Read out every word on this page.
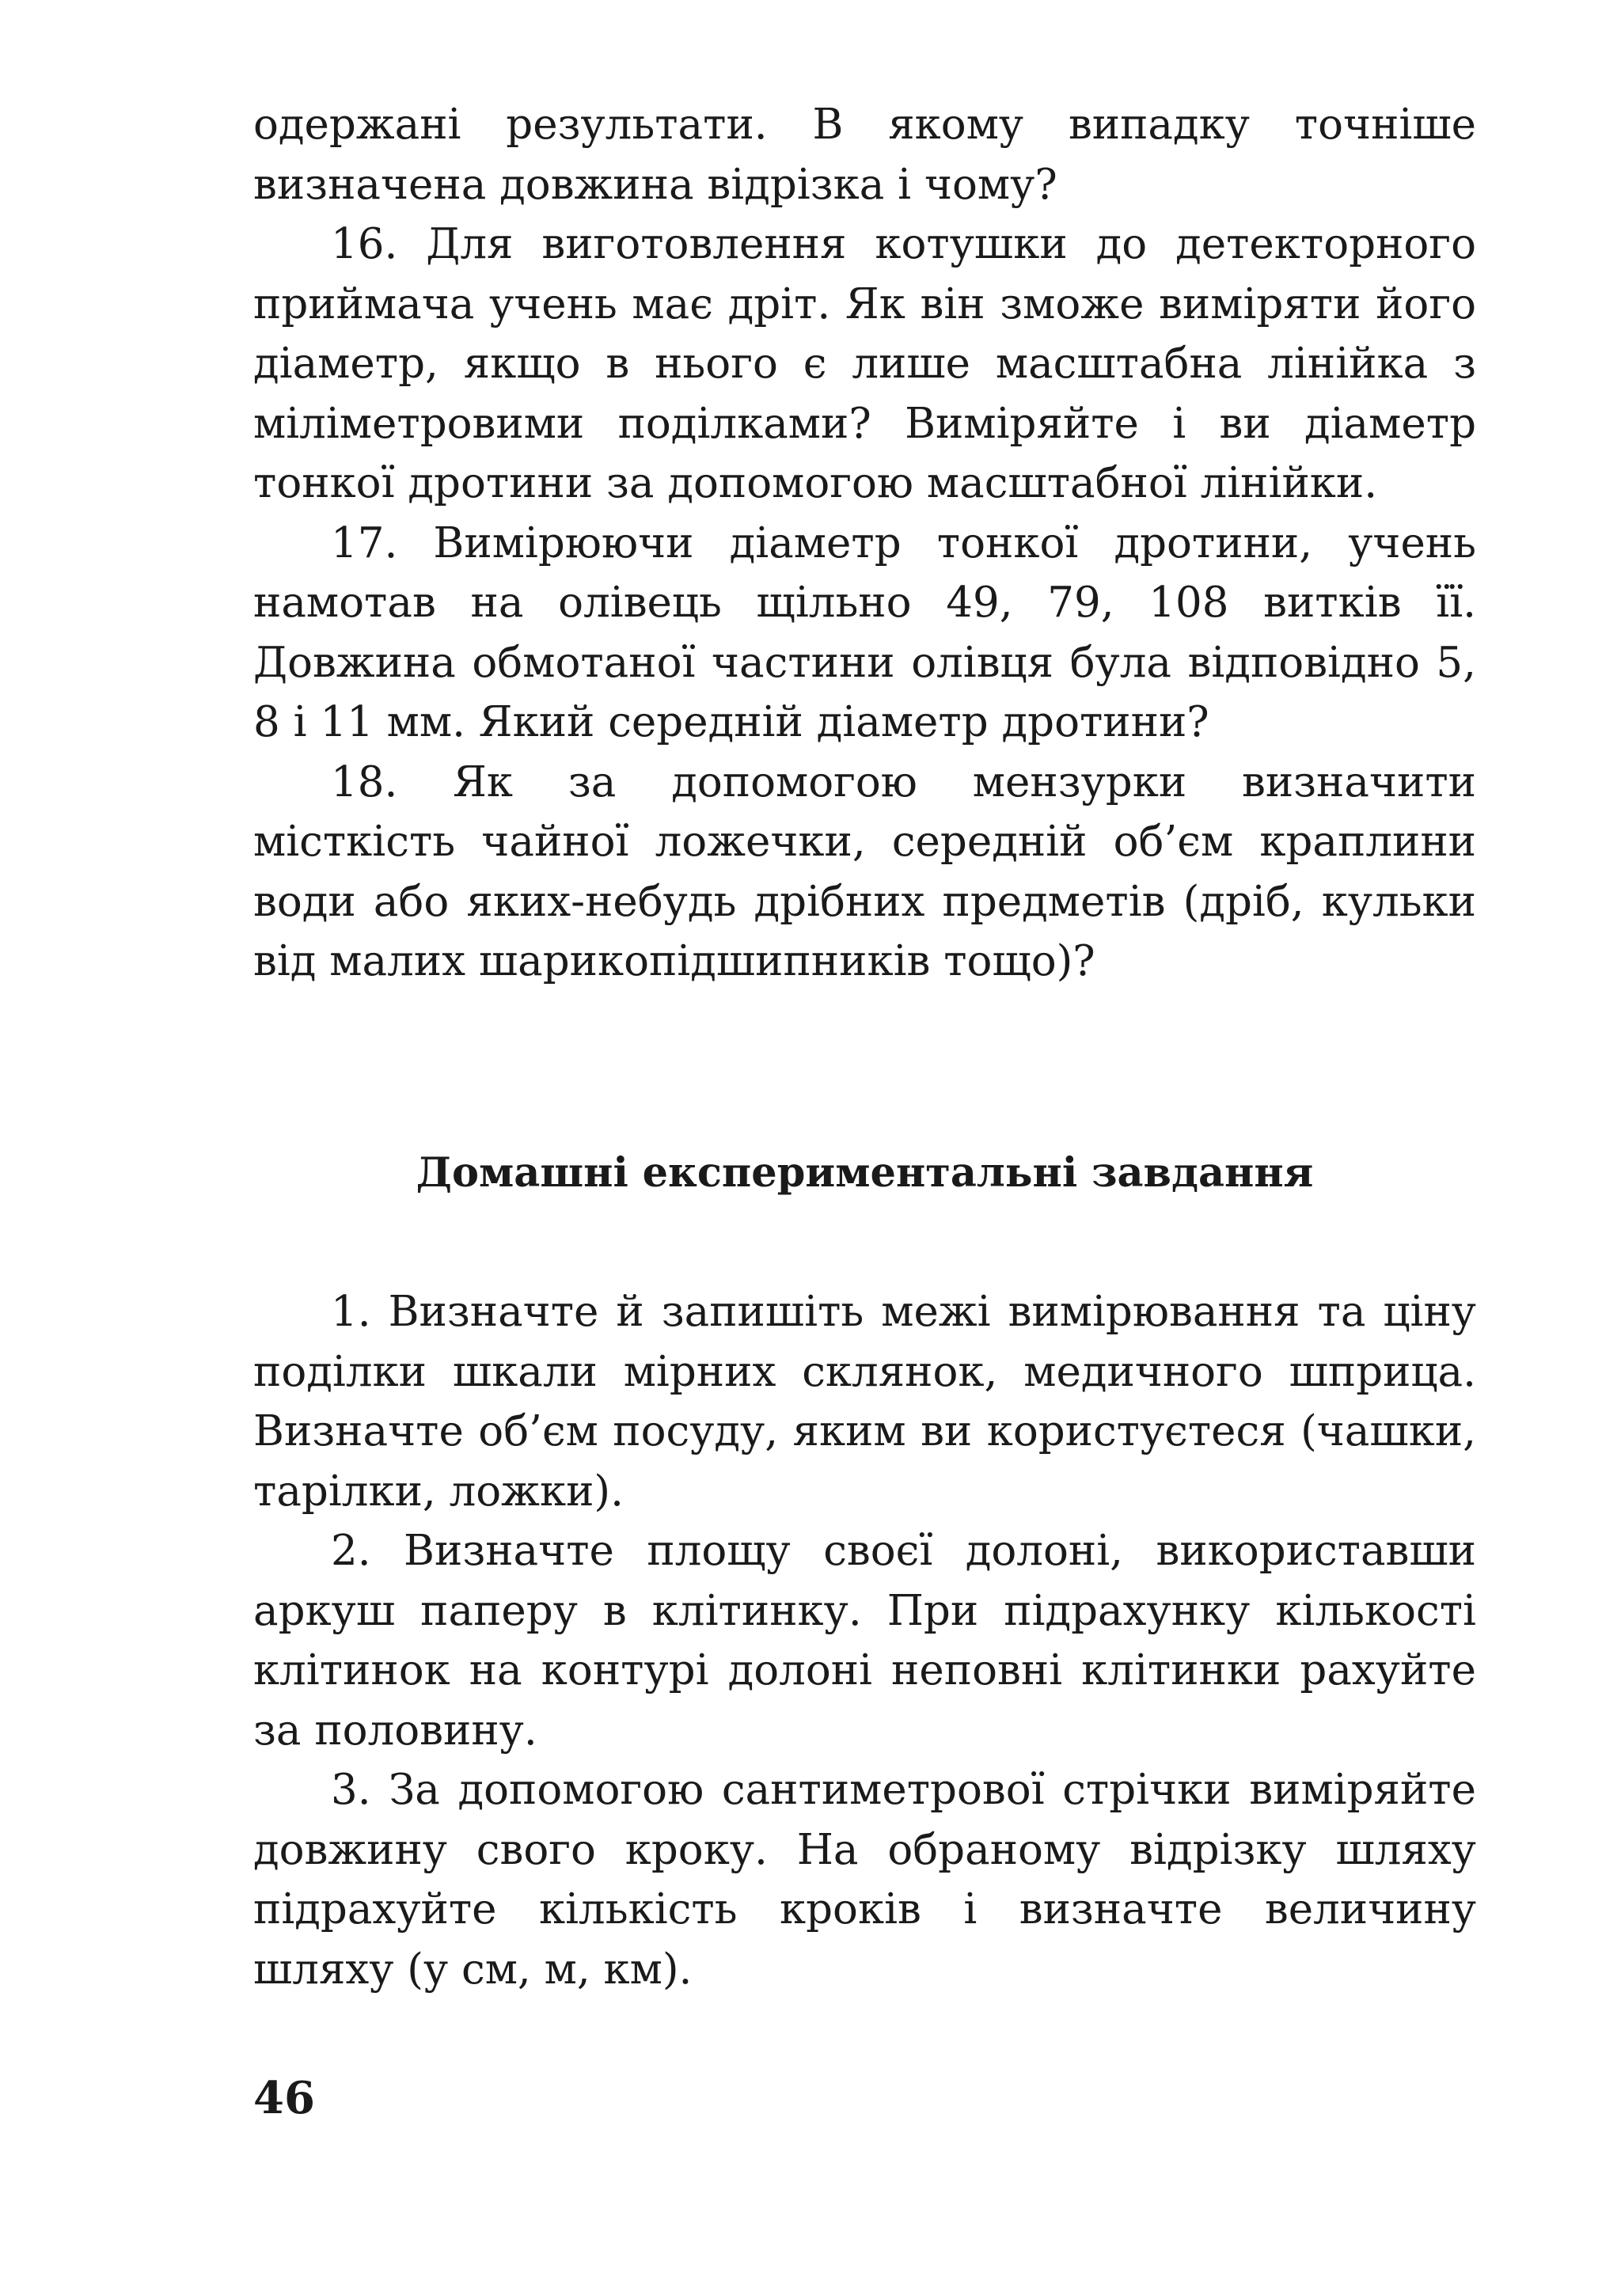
одержані результати. В якому випадку точніше визначена довжина відрізка і чому?

16. Для виготовлення котушки до детекторного приймача учень має дріт. Як він зможе виміряти його діаметр, якщо в нього є лише масштабна лінійка з міліметровими поділками? Виміряйте і ви діаметр тонкої дротини за допомогою масштабної лінійки.

17. Вимірюючи діаметр тонкої дротини, учень намотав на олівець щільно 49, 79, 108 витків її. Довжина обмотаної частини олівця була відповідно 5, 8 і 11 мм. Який середній діаметр дротини?

18. Як за допомогою мензурки визначити місткість чайної ложечки, середній об’єм краплини води або яких-небудь дрібних предметів (дріб, кульки від малих шарикопідшипників тощо)?

Домашні експериментальні завдання

1. Визначте й запишіть межі вимірювання та ціну поділки шкали мірних склянок, медичного шприца. Визначте об’єм посуду, яким ви користуєтеся (чашки, тарілки, ложки).

2. Визначте площу своєї долоні, використавши аркуш паперу в клітинку. При підрахунку кількості клітинок на контурі долоні неповні клітинки рахуйте за половину.

3. За допомогою сантиметрової стрічки виміряйте довжину свого кроку. На обраному відрізку шляху підрахуйте кількість кроків і визначте величину шляху (у см, м, км).

46
